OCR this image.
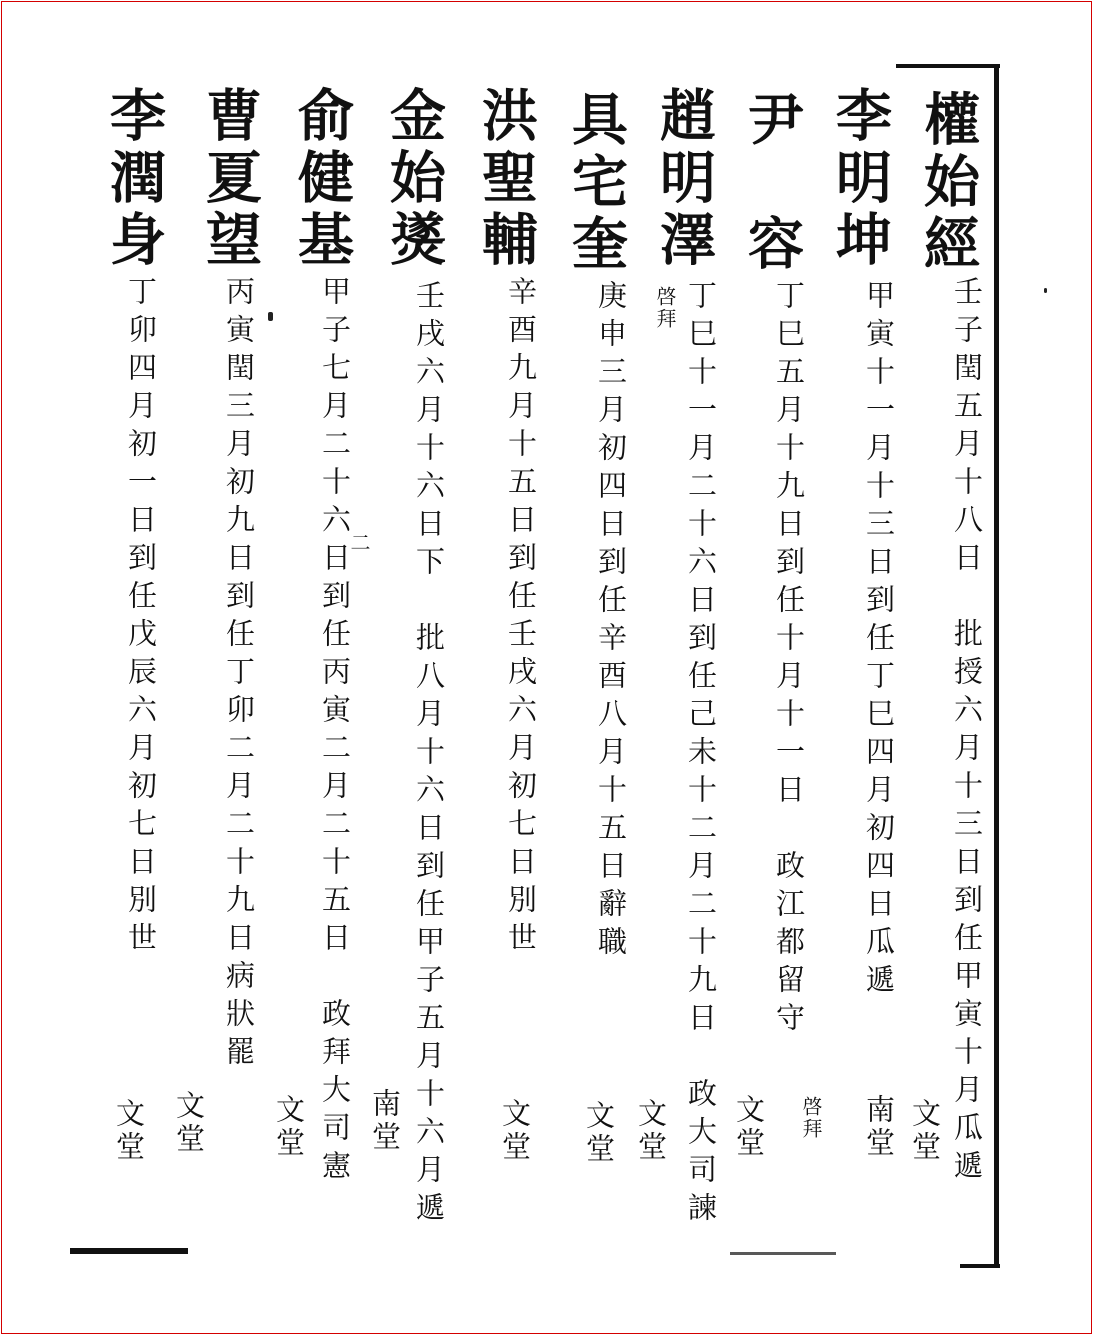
權始經
壬子閏五月十八日　批授六月十三日到任甲寅十月瓜遞
文堂
李明坤
甲寅十一月十三日到任丁巳四月初四日瓜遞
南堂
尹　容
丁巳五月十九日到任十月十一日　政江都留守
啓拜
文堂
趙明澤
丁巳十一月二十六日到任己未十二月二十九日　政大司諫
啓拜
文堂
具宅奎
庚申三月初四日到任辛酉八月十五日辭職
文堂
洪聖輔
辛酉九月十五日到任壬戌六月初七日別世
文堂
金始㸂
壬戌六月十六日下　批八月十六日到任甲子五月十六月遞
南堂
俞健基
甲子七月二十六日到任丙寅二月二十五日　政拜大司憲
二
文堂
曹夏望
丙寅閏三月初九日到任丁卯二月二十九日病狀罷
文堂
李潤身
丁卯四月初一日到任戊辰六月初七日別世
文堂
